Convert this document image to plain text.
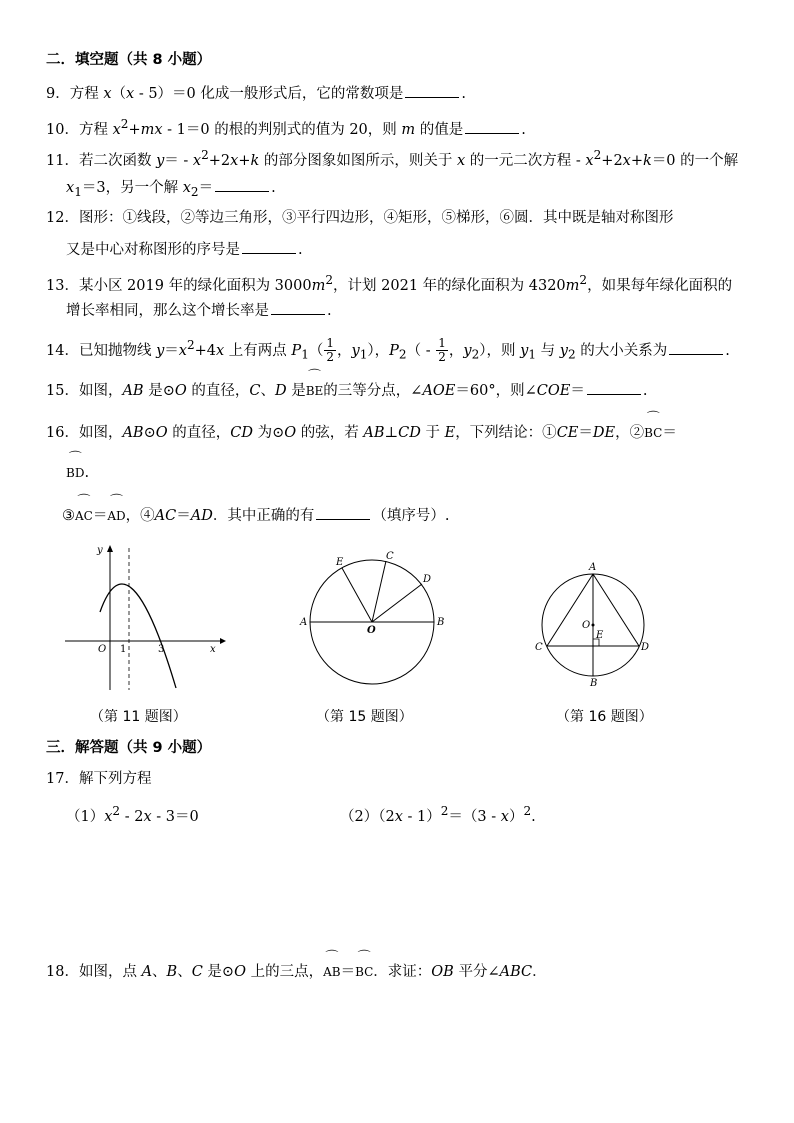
二．填空题（共 8 小题）
9．方程 x（x - 5）＝0 化成一般形式后，它的常数项是	.
10．方程 $x^2+mx - 1=0$ 的根的判别式的值为 20，则 m 的值是	.
11．若二次函数 $y= - x^2+2x+k$ 的部分图象如图所示，则关于 x 的一元二次方程 - $x^2+2x+k=0$ 的一个解
$x_1=3$，另一个解 $x_2=$	.
12．图形：①线段，②等边三角形，③平行四边形，④矩形，⑤梯形，⑥圆．其中既是轴对称图形
又是中心对称图形的序号是	.
13．某小区 2019 年的绿化面积为 $3000m^2$，计划 2021 年的绿化面积为 $4320m^2$，如果每年绿化面积的
增长率相同，那么这个增长率是	.
14．已知抛物线 $y=x^2+4x$ 上有两点 $P_1( \frac{1}{2}$ ，$y_1$），$P_2( - \frac{1}{2}$ ，$y_2$），则 $y_1$ 与 $y_2$ 的大小关系为	.
15．如图，AB 是⊙O 的直径，C、D 是⌒ BE的三等分点，∠AOE＝60°，则∠COE＝	.
16．如图，AB⊙O 的直径，CD 为⊙O 的弦，若 AB⊥CD 于 E，下列结论：①CE＝DE，②⌒ BC＝
⌒ BD.
③⌒ AC＝⌒ AD，④AC＝AD．其中正确的有	（填序号）.
y
x
O 1	3
A	B
C
D
E
O
A
B
C	D
E
O
（第 11 题图）	（第 15 题图）	（第 16 题图）
三．解答题（共 9 小题）
17．解下列方程
$(1)x^2 - 2x - 3=0$	（2）（2x - 1）$^2$＝（3 - x）$^2$.
18．如图，点 A、B、C 是⊙O 上的三点，⌒ AB＝⌒ BC．求证：OB 平分∠ABC．
